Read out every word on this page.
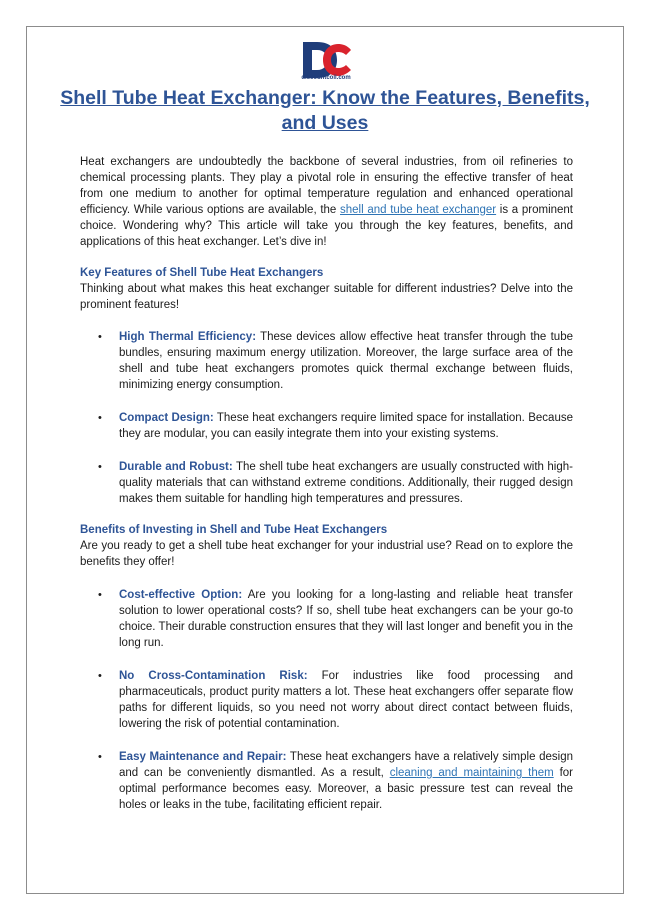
discountcoil.com
Shell Tube Heat Exchanger: Know the Features, Benefits, and Uses
Heat exchangers are undoubtedly the backbone of several industries, from oil refineries to chemical processing plants. They play a pivotal role in ensuring the effective transfer of heat from one medium to another for optimal temperature regulation and enhanced operational efficiency. While various options are available, the shell and tube heat exchanger is a prominent choice. Wondering why? This article will take you through the key features, benefits, and applications of this heat exchanger. Let’s dive in!
Key Features of Shell Tube Heat Exchangers
Thinking about what makes this heat exchanger suitable for different industries? Delve into the prominent features!
• High Thermal Efficiency: These devices allow effective heat transfer through the tube bundles, ensuring maximum energy utilization. Moreover, the large surface area of the shell and tube heat exchangers promotes quick thermal exchange between fluids, minimizing energy consumption.
• Compact Design: These heat exchangers require limited space for installation. Because they are modular, you can easily integrate them into your existing systems.
• Durable and Robust: The shell tube heat exchangers are usually constructed with high-quality materials that can withstand extreme conditions. Additionally, their rugged design makes them suitable for handling high temperatures and pressures.
Benefits of Investing in Shell and Tube Heat Exchangers
Are you ready to get a shell tube heat exchanger for your industrial use? Read on to explore the benefits they offer!
• Cost-effective Option: Are you looking for a long-lasting and reliable heat transfer solution to lower operational costs? If so, shell tube heat exchangers can be your go-to choice. Their durable construction ensures that they will last longer and benefit you in the long run.
• No Cross-Contamination Risk: For industries like food processing and pharmaceuticals, product purity matters a lot. These heat exchangers offer separate flow paths for different liquids, so you need not worry about direct contact between fluids, lowering the risk of potential contamination.
• Easy Maintenance and Repair: These heat exchangers have a relatively simple design and can be conveniently dismantled. As a result, cleaning and maintaining them for optimal performance becomes easy. Moreover, a basic pressure test can reveal the holes or leaks in the tube, facilitating efficient repair.
